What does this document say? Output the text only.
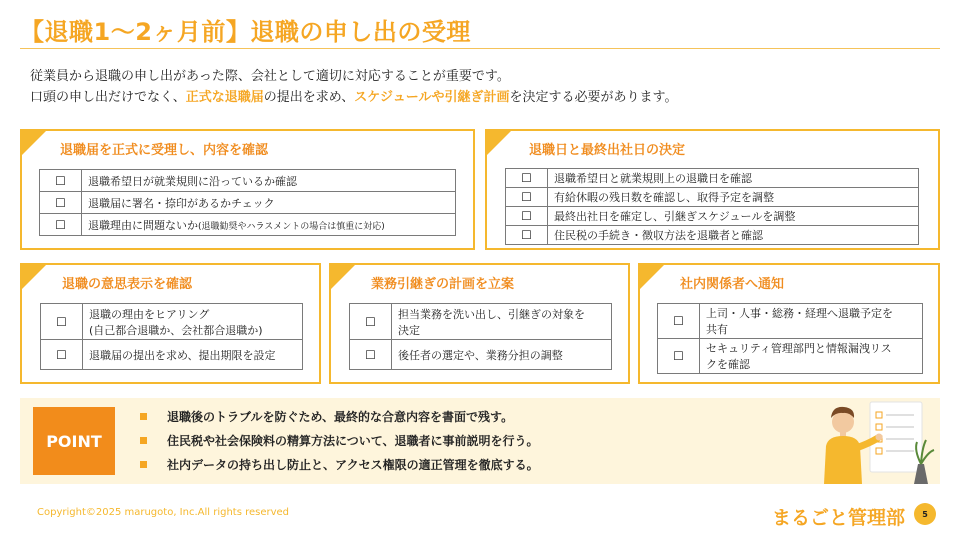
【退職1〜2ヶ月前】退職の申し出の受理
従業員から退職の申し出があった際、会社として適切に対応することが重要です。
口頭の申し出だけでなく、正式な退職届の提出を求め、スケジュールや引継ぎ計画を決定する必要があります。
退職届を正式に受理し、内容を確認
☐	退職希望日が就業規則に沿っているか確認
☐	退職届に署名・捺印があるかチェック
☐	退職理由に問題ないか(退職勧奨やハラスメントの場合は慎重に対応)
退職日と最終出社日の決定
☐	退職希望日と就業規則上の退職日を確認
☐	有給休暇の残日数を確認し、取得予定を調整
☐	最終出社日を確定し、引継ぎスケジュールを調整
☐	住民税の手続き・徴収方法を退職者と確認
退職の意思表示を確認
☐	退職の理由をヒアリング
(自己都合退職か、会社都合退職か)

☐	退職届の提出を求め、提出期限を設定
業務引継ぎの計画を立案
☐	担当業務を洗い出し、引継ぎの対象を
決定

☐	後任者の選定や、業務分担の調整
社内関係者へ通知
☐	上司・人事・総務・経理へ退職予定を
共有

☐	セキュリティ管理部門と情報漏洩リス
クを確認
POINT
退職後のトラブルを防ぐため、最終的な合意内容を書面で残す。
住民税や社会保険料の精算方法について、退職者に事前説明を行う。
社内データの持ち出し防止と、アクセス権限の適正管理を徹底する。
Copyright©2025 marugoto, Inc.All rights reserved	まるごと管理部	5
